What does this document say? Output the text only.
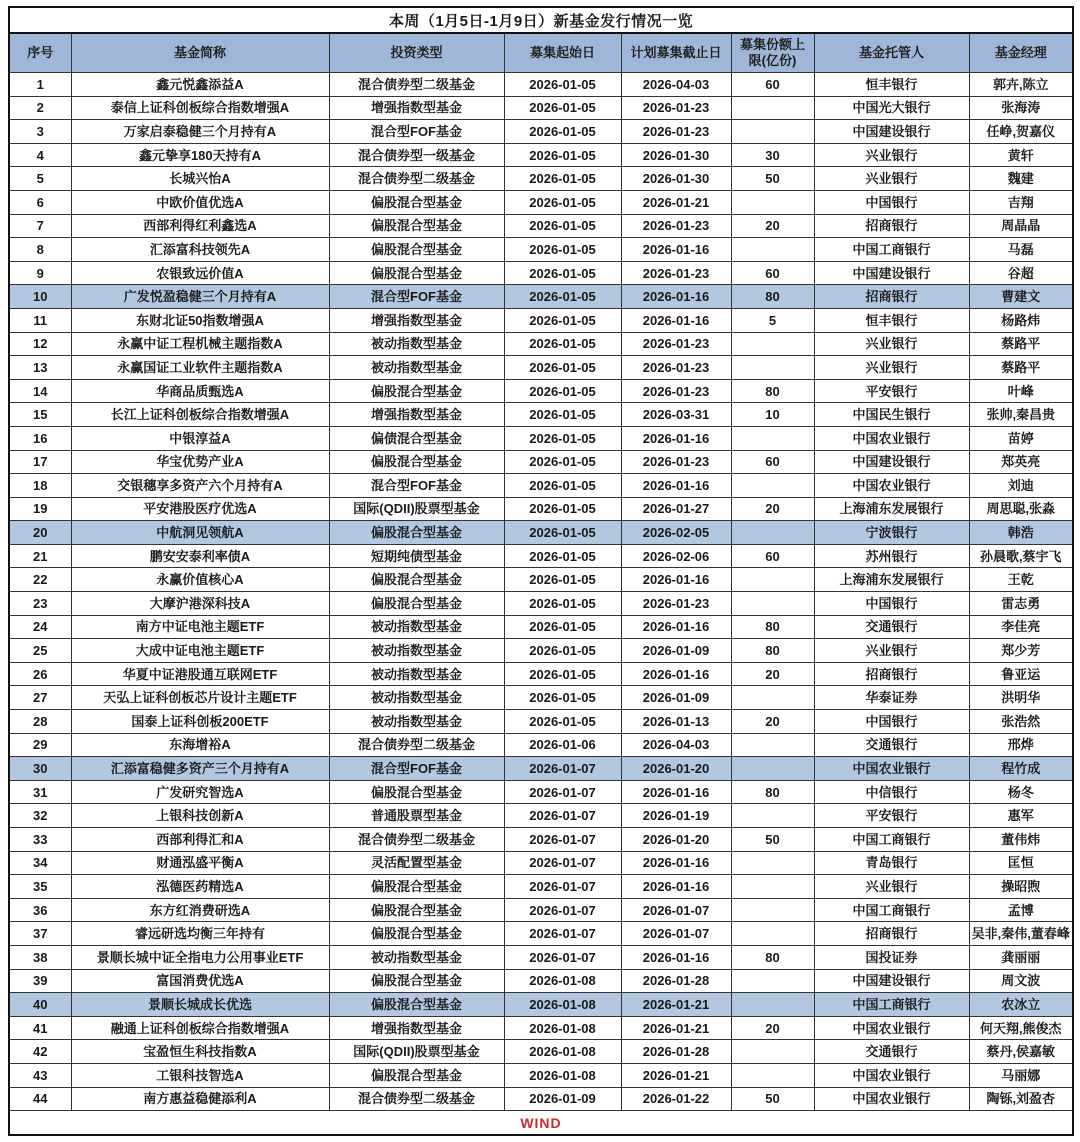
本周（1月5日-1月9日）新基金发行情况一览							
序号	基金简称	投资类型	募集起始日	计划募集截止日	募集份额上限(亿份)	基金托管人	基金经理
1	鑫元悦鑫添益A	混合债券型二级基金	2026-01-05	2026-04-03	60	恒丰银行	郭卉,陈立
2	泰信上证科创板综合指数增强A	增强指数型基金	2026-01-05	2026-01-23		中国光大银行	张海涛
3	万家启泰稳健三个月持有A	混合型FOF基金	2026-01-05	2026-01-23		中国建设银行	任峥,贺嘉仪
4	鑫元挚享180天持有A	混合债券型一级基金	2026-01-05	2026-01-30	30	兴业银行	黄轩
5	长城兴怡A	混合债券型二级基金	2026-01-05	2026-01-30	50	兴业银行	魏建
6	中欧价值优选A	偏股混合型基金	2026-01-05	2026-01-21		中国银行	吉翔
7	西部利得红利鑫选A	偏股混合型基金	2026-01-05	2026-01-23	20	招商银行	周晶晶
8	汇添富科技领先A	偏股混合型基金	2026-01-05	2026-01-16		中国工商银行	马磊
9	农银致远价值A	偏股混合型基金	2026-01-05	2026-01-23	60	中国建设银行	谷超
10	广发悦盈稳健三个月持有A	混合型FOF基金	2026-01-05	2026-01-16	80	招商银行	曹建文
11	东财北证50指数增强A	增强指数型基金	2026-01-05	2026-01-16	5	恒丰银行	杨路炜
12	永赢中证工程机械主题指数A	被动指数型基金	2026-01-05	2026-01-23		兴业银行	蔡路平
13	永赢国证工业软件主题指数A	被动指数型基金	2026-01-05	2026-01-23		兴业银行	蔡路平
14	华商品质甄选A	偏股混合型基金	2026-01-05	2026-01-23	80	平安银行	叶峰
15	长江上证科创板综合指数增强A	增强指数型基金	2026-01-05	2026-03-31	10	中国民生银行	张帅,秦昌贵
16	中银淳益A	偏债混合型基金	2026-01-05	2026-01-16		中国农业银行	苗婷
17	华宝优势产业A	偏股混合型基金	2026-01-05	2026-01-23	60	中国建设银行	郑英亮
18	交银穗享多资产六个月持有A	混合型FOF基金	2026-01-05	2026-01-16		中国农业银行	刘迪
19	平安港股医疗优选A	国际(QDII)股票型基金	2026-01-05	2026-01-27	20	上海浦东发展银行	周思聪,张淼
20	中航洞见领航A	偏股混合型基金	2026-01-05	2026-02-05		宁波银行	韩浩
21	鹏安安泰利率债A	短期纯债型基金	2026-01-05	2026-02-06	60	苏州银行	孙晨歌,蔡宇飞
22	永赢价值核心A	偏股混合型基金	2026-01-05	2026-01-16		上海浦东发展银行	王乾
23	大摩沪港深科技A	偏股混合型基金	2026-01-05	2026-01-23		中国银行	雷志勇
24	南方中证电池主题ETF	被动指数型基金	2026-01-05	2026-01-16	80	交通银行	李佳亮
25	大成中证电池主题ETF	被动指数型基金	2026-01-05	2026-01-09	80	兴业银行	郑少芳
26	华夏中证港股通互联网ETF	被动指数型基金	2026-01-05	2026-01-16	20	招商银行	鲁亚运
27	天弘上证科创板芯片设计主题ETF	被动指数型基金	2026-01-05	2026-01-09		华泰证券	洪明华
28	国泰上证科创板200ETF	被动指数型基金	2026-01-05	2026-01-13	20	中国银行	张浩然
29	东海增裕A	混合债券型二级基金	2026-01-06	2026-04-03		交通银行	邢烨
30	汇添富稳健多资产三个月持有A	混合型FOF基金	2026-01-07	2026-01-20		中国农业银行	程竹成
31	广发研究智选A	偏股混合型基金	2026-01-07	2026-01-16	80	中信银行	杨冬
32	上银科技创新A	普通股票型基金	2026-01-07	2026-01-19		平安银行	惠军
33	西部利得汇和A	混合债券型二级基金	2026-01-07	2026-01-20	50	中国工商银行	董伟炜
34	财通泓盛平衡A	灵活配置型基金	2026-01-07	2026-01-16		青岛银行	匡恒
35	泓德医药精选A	偏股混合型基金	2026-01-07	2026-01-16		兴业银行	操昭煦
36	东方红消费研选A	偏股混合型基金	2026-01-07	2026-01-07		中国工商银行	孟博
37	睿远研选均衡三年持有	偏股混合型基金	2026-01-07	2026-01-07		招商银行	吴非,秦伟,董春峰
38	景顺长城中证全指电力公用事业ETF	被动指数型基金	2026-01-07	2026-01-16	80	国投证券	龚丽丽
39	富国消费优选A	偏股混合型基金	2026-01-08	2026-01-28		中国建设银行	周文波
40	景顺长城成长优选	偏股混合型基金	2026-01-08	2026-01-21		中国工商银行	农冰立
41	融通上证科创板综合指数增强A	增强指数型基金	2026-01-08	2026-01-21	20	中国农业银行	何天翔,熊俊杰
42	宝盈恒生科技指数A	国际(QDII)股票型基金	2026-01-08	2026-01-28		交通银行	蔡丹,侯嘉敏
43	工银科技智选A	偏股混合型基金	2026-01-08	2026-01-21		中国农业银行	马丽娜
44	南方惠益稳健添利A	混合债券型二级基金	2026-01-09	2026-01-22	50	中国农业银行	陶铄,刘盈杏
WIND							
